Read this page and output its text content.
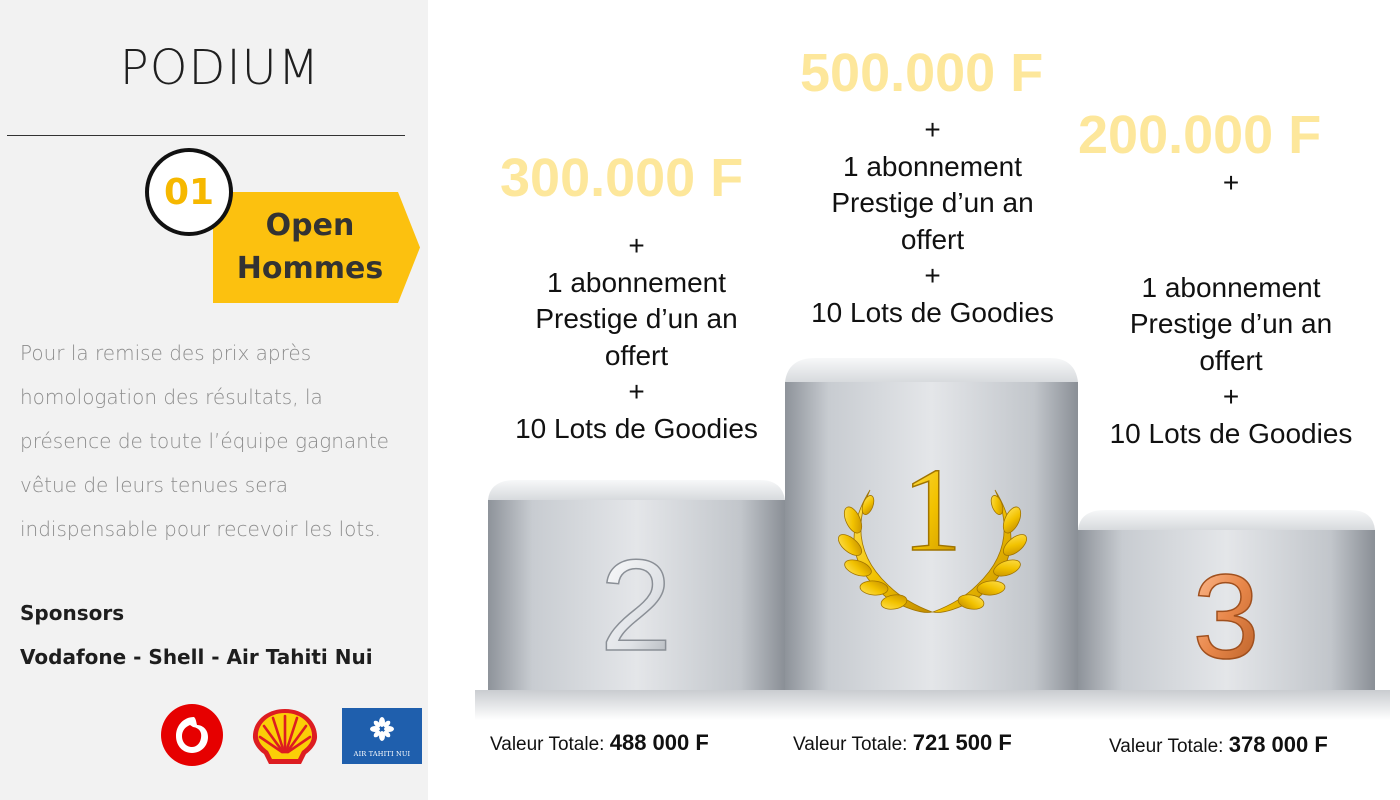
PODIUM
Open
Hommes
01
Pour la remise des prix après
homologation des résultats, la
présence de toute l’équipe gagnante
vêtue de leurs tenues sera
indispensable pour recevoir les lots.
Sponsors
Vodafone - Shell - Air Tahiti Nui
AIR TAHITI NUI
2	3
1
300.000 F
500.000 F
200.000 F
+
1 abonnement
Prestige d’un an
offert
+
10 Lots de Goodies
+
1 abonnement
Prestige d’un an
offert
+
10 Lots de Goodies
+
1 abonnement
Prestige d’un an
offert
+
10 Lots de Goodies
Valeur Totale: 488 000 F	Valeur Totale: 721 500 F	Valeur Totale: 378 000 F
